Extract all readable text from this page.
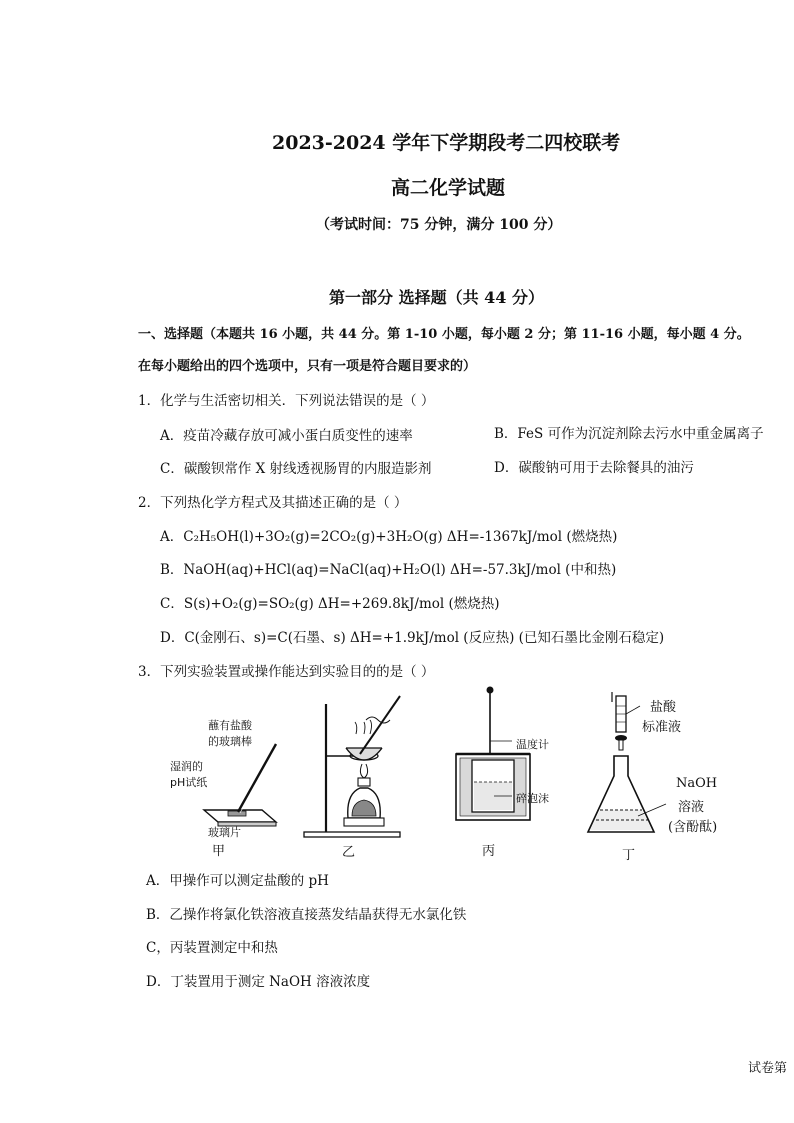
2023-2024 学年下学期段考二四校联考
高二化学试题
（考试时间：75 分钟，满分 100 分）
第一部分 选择题（共 44 分）
一、选择题（本题共 16 小题，共 44 分。第 1-10 小题，每小题 2 分；第 11-16 小题，每小题 4 分。
在每小题给出的四个选项中，只有一项是符合题目要求的）
1．化学与生活密切相关．下列说法错误的是（ ）
A．疫苗冷藏存放可减小蛋白质变性的速率	B．FeS 可作为沉淀剂除去污水中重金属离子
C．碳酸钡常作 X 射线透视肠胃的内服造影剂	D．碳酸钠可用于去除餐具的油污
2．下列热化学方程式及其描述正确的是（ ）
A．C₂H₅OH(l)+3O₂(g)=2CO₂(g)+3H₂O(g) ΔH=-1367kJ/mol (燃烧热)
B．NaOH(aq)+HCl(aq)=NaCl(aq)+H₂O(l) ΔH=-57.3kJ/mol (中和热)
C．S(s)+O₂(g)=SO₂(g) ΔH=+269.8kJ/mol (燃烧热)
D．C(金刚石、s)=C(石墨、s) ΔH=+1.9kJ/mol (反应热) (已知石墨比金刚石稳定)
3．下列实验装置或操作能达到实验目的的是（ ）
蘸有盐酸
的玻璃棒
湿润的
pH试纸
玻璃片
甲	乙
温度计
碎泡沫
丙
盐酸
标准液
NaOH
溶液
(含酚酞)
丁
A．甲操作可以测定盐酸的 pH
B．乙操作将氯化铁溶液直接蒸发结晶获得无水氯化铁
C，丙装置测定中和热
D．丁装置用于测定 NaOH 溶液浓度
试卷第
